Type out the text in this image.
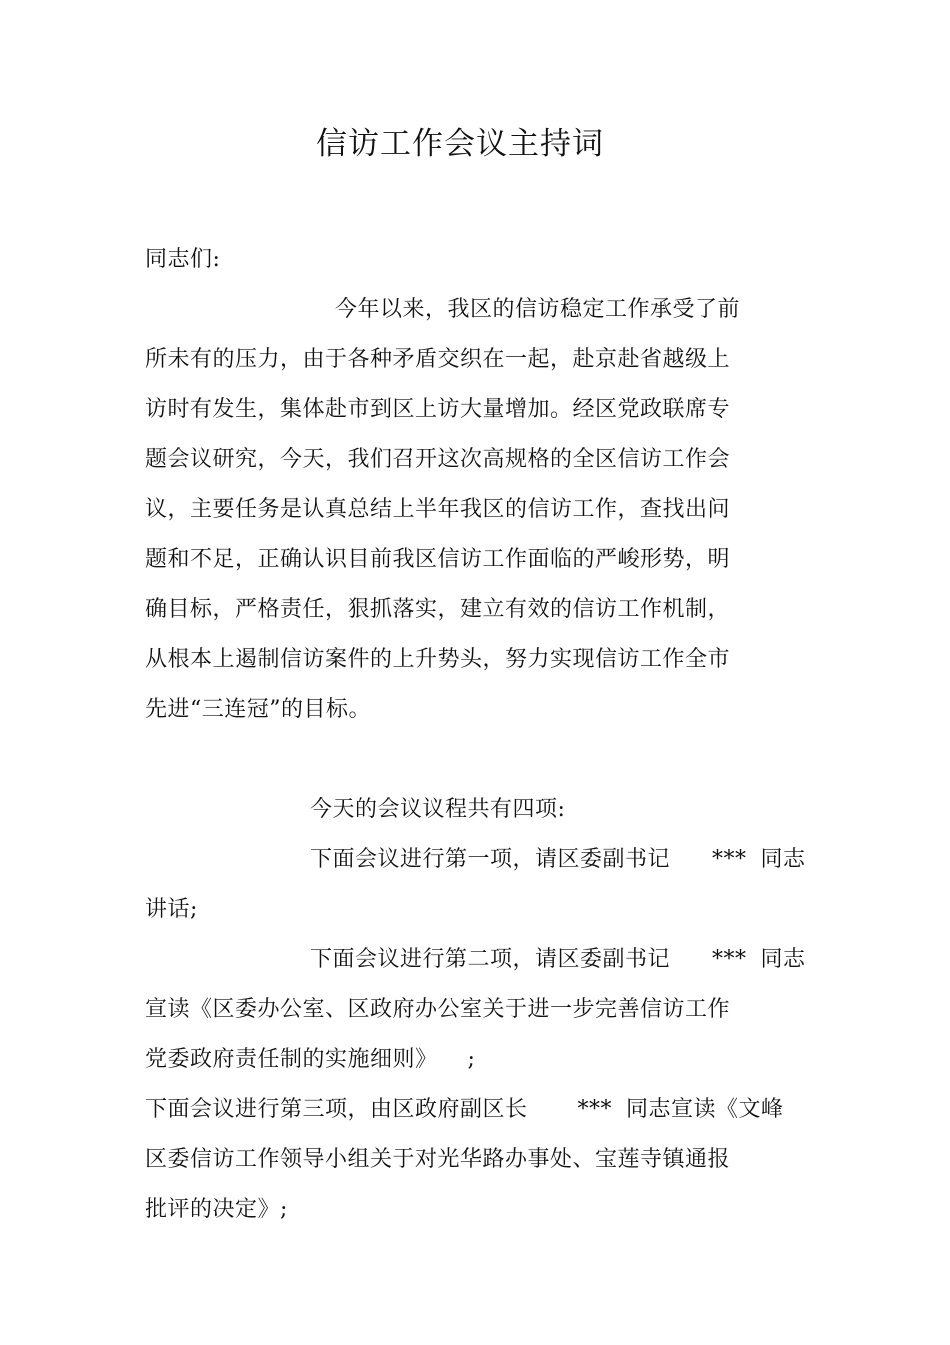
信访工作会议主持词
同志们:
今年以来，我区的信访稳定工作承受了前
所未有的压力，由于各种矛盾交织在一起，赴京赴省越级上
访时有发生，集体赴市到区上访大量增加。经区党政联席专
题会议研究，今天，我们召开这次高规格的全区信访工作会
议，主要任务是认真总结上半年我区的信访工作，查找出问
题和不足，正确认识目前我区信访工作面临的严峻形势，明
确目标，严格责任，狠抓落实，建立有效的信访工作机制，
从根本上遏制信访案件的上升势头，努力实现信访工作全市
先进“三连冠”的目标。
今天的会议议程共有四项:
下面会议进行第一项，请区委副书记 *** 同志
讲话;
下面会议进行第二项，请区委副书记 *** 同志
宣读《区委办公室、区政府办公室关于进一步完善信访工作
党委政府责任制的实施细则》 ;
下面会议进行第三项，由区政府副区长 *** 同志宣读《文峰
区委信访工作领导小组关于对光华路办事处、宝莲寺镇通报
批评的决定》;
